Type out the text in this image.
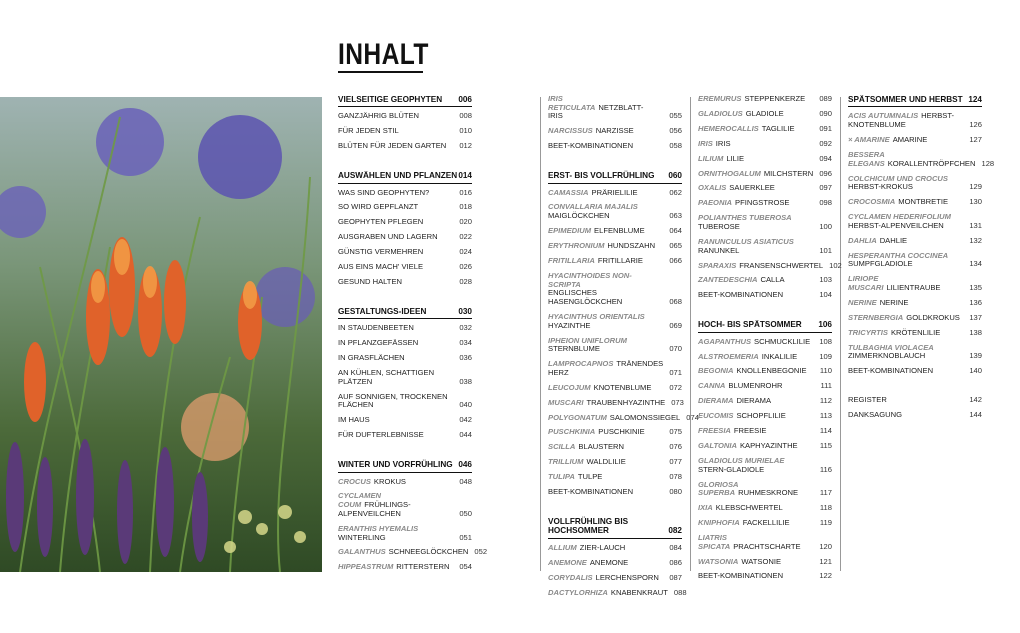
INHALT
VIELSEITIGE GEOPHYTEN 006
GANZJÄHRIG BLÜTEN	008
FÜR JEDEN STIL	010
BLÜTEN FÜR JEDEN GARTEN	012
AUSWÄHLEN UND PFLANZEN 014
WAS SIND GEOPHYTEN?	016
SO WIRD GEPFLANZT	018
GEOPHYTEN PFLEGEN	020
AUSGRABEN UND LAGERN	022
GÜNSTIG VERMEHREN	024
AUS EINS MACH' VIELE	026
GESUND HALTEN	028
GESTALTUNGS-IDEEN	030
IN STAUDENBEETEN	032
IN PFLANZGEFÄSSEN	034
IN GRASFLÄCHEN	036
AN KÜHLEN, SCHATTIGEN PLÄTZEN	038
AUF SONNIGEN, TROCKENEN FLÄCHEN	040
IM HAUS	042
FÜR DUFTERLEBNISSE	044
WINTER UND VORFRÜHLING 046
CROCUS KROKUS	048
CYCLAMEN COUM FRÜHLINGS-ALPENVEILCHEN	050
ERANTHIS HYEMALIS
WINTERLING	051
GALANTHUS SCHNEEGLÖCKCHEN 052
HIPPEASTRUM RITTERSTERN	054
IRIS RETICULATA NETZBLATT-IRIS	055
NARCISSUS NARZISSE	056
BEET-KOMBINATIONEN	058
ERST- BIS VOLLFRÜHLING 060
CAMASSIA PRÄRIELILIE	062
CONVALLARIA MAJALIS
MAIGLÖCKCHEN	063
EPIMEDIUM ELFENBLUME	064
ERYTHRONIUM HUNDSZAHN	065
FRITILLARIA FRITILLARIE	066
HYACINTHOIDES NON-SCRIPTA
ENGLISCHES HASENGLÖCKCHEN	068
HYACINTHUS ORIENTALIS
HYAZINTHE	069
IPHEION UNIFLORUM
STERNBLUME	070
LAMPROCAPNOS TRÄNENDES HERZ	071
LEUCOJUM KNOTENBLUME	072
MUSCARI TRAUBENHYAZINTHE 073
POLYGONATUM SALOMONSSIEGEL 074
PUSCHKINIA PUSCHKINIE	075
SCILLA BLAUSTERN	076
TRILLIUM WALDLILIE	077
TULIPA TULPE	078
BEET-KOMBINATIONEN	080
VOLLFRÜHLING BIS HOCHSOMMER	082
ALLIUM ZIER-LAUCH	084
ANEMONE ANEMONE	086
CORYDALIS LERCHENSPORN	087
DACTYLORHIZA KNABENKRAUT 088
EREMURUS STEPPENKERZE	089
GLADIOLUS GLADIOLE	090
HEMEROCALLIS TAGLILIE	091
IRIS IRIS	092
LILIUM LILIE	094
ORNITHOGALUM MILCHSTERN 096
OXALIS SAUERKLEE	097
PAEONIA PFINGSTROSE	098
POLIANTHES TUBEROSA
TUBEROSE	100
RANUNCULUS ASIATICUS
RANUNKEL	101
SPARAXIS FRANSENSCHWERTEL 102
ZANTEDESCHIA CALLA	103
BEET-KOMBINATIONEN	104
HOCH- BIS SPÄTSOMMER 106
AGAPANTHUS SCHMUCKLILIE	108
ALSTROEMERIA INKALILIE	109
BEGONIA KNOLLENBEGONIE	110
CANNA BLUMENROHR	111
DIERAMA DIERAMA	112
EUCOMIS SCHOPFLILIE	113
FREESIA FREESIE	114
GALTONIA KAPHYAZINTHE	115
GLADIOLUS MURIELAE
STERN-GLADIOLE	116
GLORIOSA SUPERBA RUHMESKRONE	117
IXIA KLEBSCHWERTEL	118
KNIPHOFIA FACKELLILIE	119
LIATRIS SPICATA PRACHTSCHARTE	120
WATSONIA WATSONIE	121
BEET-KOMBINATIONEN	122
SPÄTSOMMER UND HERBST 124
ACIS AUTUMNALIS HERBST-KNOTENBLUME	126
× AMARINE AMARINE	127
BESSERA ELEGANS KORALLENTRÖPFCHEN 128
COLCHICUM UND CROCUS
HERBST-KROKUS	129
CROCOSMIA MONTBRETIE	130
CYCLAMEN HEDERIFOLIUM
HERBST-ALPENVEILCHEN	131
DAHLIA DAHLIE	132
HESPERANTHA COCCINEA
SUMPFGLADIOLE	134
LIRIOPE MUSCARI LILIENTRAUBE	135
NERINE NERINE	136
STERNBERGIA GOLDKROKUS	137
TRICYRTIS KRÖTENLILIE	138
TULBAGHIA VIOLACEA
ZIMMERKNOBLAUCH	139
BEET-KOMBINATIONEN	140
REGISTER	142
DANKSAGUNG	144
